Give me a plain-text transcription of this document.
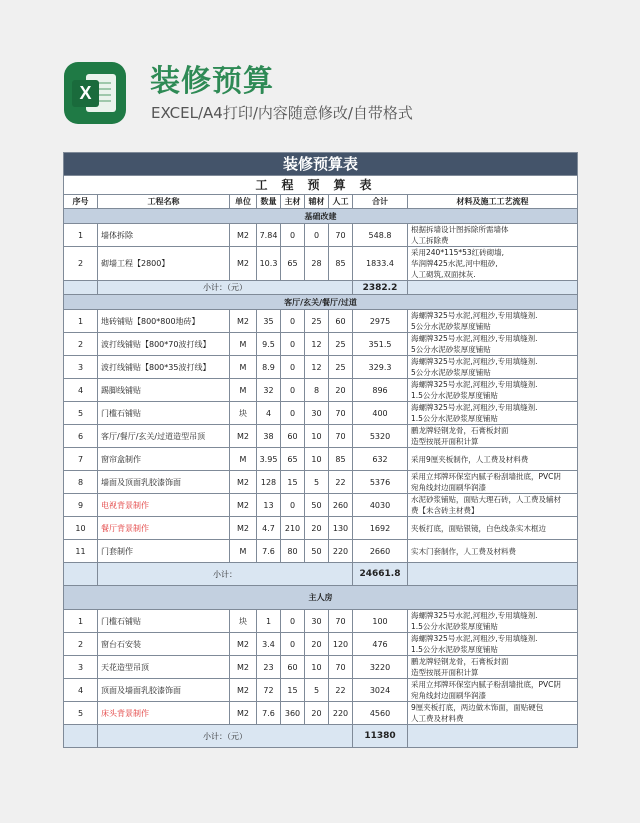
X 装修预算
EXCEL/A4打印/内容随意修改/自带格式
装修预算表								
工程预算表								
序号	工程名称	单位	数量	主材	辅材	人工	合计	材料及施工工艺流程
基础改建								
1	墙体拆除	M2	7.84	0	0	70	548.8	根据拆墙设计图拆除所需墙体
人工拆除费
2	砌墙工程【2800】	M2	10.3	65	28	85	1833.4	采用240*115*53红砖砌墙,
华润牌425水泥,河中粗砂,
人工砌筑,双面抹灰.
	小计：（元）						2382.2	
客厅/玄关/餐厅/过道								
1	地砖铺贴【800*800地砖】	M2	35	0	25	60	2975	海螺牌325号水泥,河粗沙,专用填缝剂.
5公分水泥砂浆厚度铺贴
2	波打线铺贴【800*70波打线】	M	9.5	0	12	25	351.5	海螺牌325号水泥,河粗沙,专用填缝剂.
5公分水泥砂浆厚度铺贴
3	波打线铺贴【800*35波打线】	M	8.9	0	12	25	329.3	海螺牌325号水泥,河粗沙,专用填缝剂.
5公分水泥砂浆厚度铺贴
4	踢脚线铺贴	M	32	0	8	20	896	海螺牌325号水泥,河粗沙,专用填缝剂.
1.5公分水泥砂浆厚度铺贴
5	门槛石铺贴	块	4	0	30	70	400	海螺牌325号水泥,河粗沙,专用填缝剂.
1.5公分水泥砂浆厚度铺贴
6	客厅/餐厅/玄关/过道造型吊顶	M2	38	60	10	70	5320	鹏龙牌轻钢龙骨，石膏板封面
造型按展开面积计算
7	窗帘盒制作	M	3.95	65	10	85	632	采用9厘夹板制作，人工费及材料费
8	墙面及顶面乳胶漆饰面	M2	128	15	5	22	5376	采用立邦牌环保室内腻子粉刮墙批底，PVC阴
宛角线封边面刷华润漆
9	电视背景制作	M2	13	0	50	260	4030	水泥砂浆铺贴，面贴大理石砖，人工费及辅材
费【未含砖主材费】
10	餐厅背景制作	M2	4.7	210	20	130	1692	夹板打底，面贴银镜，白色线条实木框边
11	门套制作	M	7.6	80	50	220	2660	实木门套制作，人工费及材料费
	小计：						24661.8	
主人房								
1	门槛石铺贴	块	1	0	30	70	100	海螺牌325号水泥,河粗沙,专用填缝剂.
1.5公分水泥砂浆厚度铺贴
2	窗台石安装	M2	3.4	0	20	120	476	海螺牌325号水泥,河粗沙,专用填缝剂.
1.5公分水泥砂浆厚度铺贴
3	天花造型吊顶	M2	23	60	10	70	3220	鹏龙牌轻钢龙骨，石膏板封面
造型按展开面积计算
4	顶面及墙面乳胶漆饰面	M2	72	15	5	22	3024	采用立邦牌环保室内腻子粉刮墙批底，PVC阴
宛角线封边面刷华润漆
5	床头背景制作	M2	7.6	360	20	220	4560	9厘夹板打底，两边做木饰面，面贴硬包
人工费及材料费
	小计：（元）						11380	
